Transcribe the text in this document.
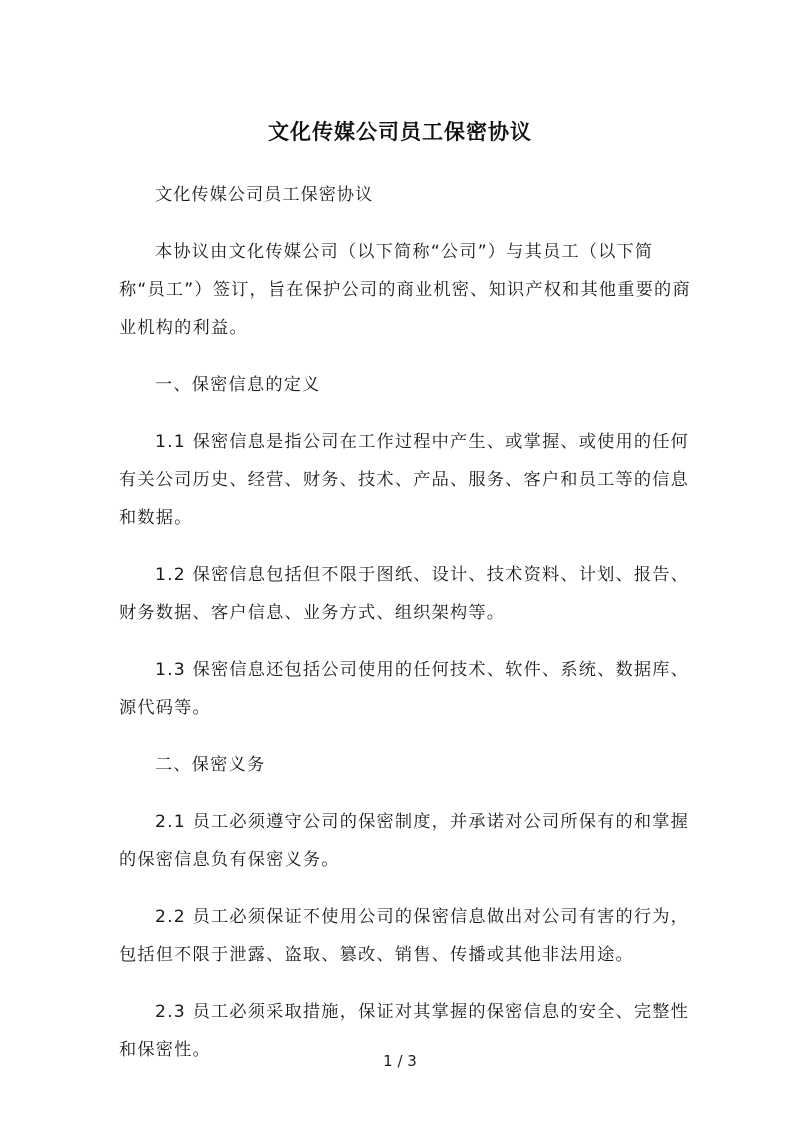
文化传媒公司员工保密协议

文化传媒公司员工保密协议

本协议由文化传媒公司（以下简称“公司”）与其员工（以下简称“员工”）签订，旨在保护公司的商业机密、知识产权和其他重要的商业机构的利益。

一、保密信息的定义

1.1 保密信息是指公司在工作过程中产生、或掌握、或使用的任何有关公司历史、经营、财务、技术、产品、服务、客户和员工等的信息和数据。

1.2 保密信息包括但不限于图纸、设计、技术资料、计划、报告、财务数据、客户信息、业务方式、组织架构等。

1.3 保密信息还包括公司使用的任何技术、软件、系统、数据库、源代码等。

二、保密义务

2.1 员工必须遵守公司的保密制度，并承诺对公司所保有的和掌握的保密信息负有保密义务。

2.2 员工必须保证不使用公司的保密信息做出对公司有害的行为，包括但不限于泄露、盗取、篡改、销售、传播或其他非法用途。

2.3 员工必须采取措施，保证对其掌握的保密信息的安全、完整性和保密性。

1 / 3
